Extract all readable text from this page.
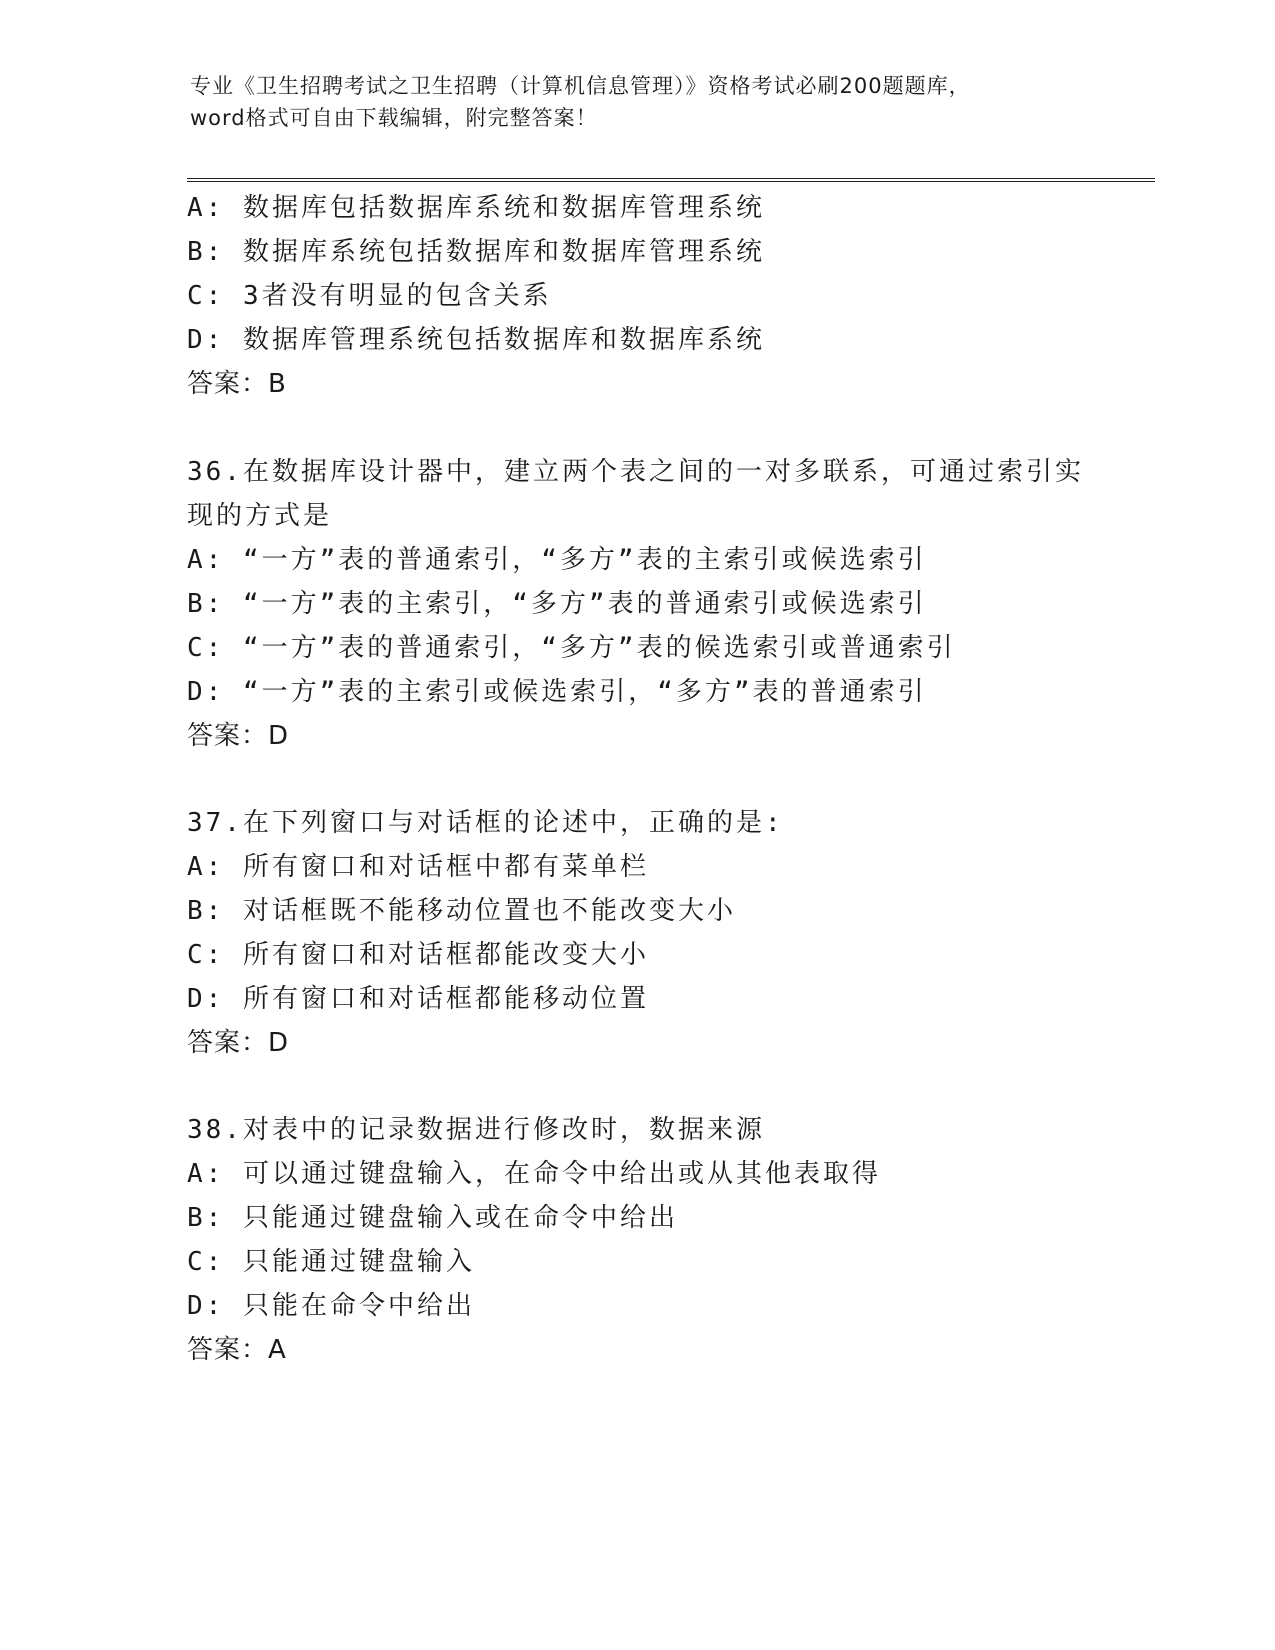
专业《卫生招聘考试之卫生招聘（计算机信息管理）》资格考试必刷200题题库，
word格式可自由下载编辑，附完整答案！
A: 数据库包括数据库系统和数据库管理系统
B: 数据库系统包括数据库和数据库管理系统
C: 3者没有明显的包含关系
D: 数据库管理系统包括数据库和数据库系统
答案：B
36.在数据库设计器中，建立两个表之间的一对多联系，可通过索引实
现的方式是
A: “一方”表的普通索引，“多方”表的主索引或候选索引
B: “一方”表的主索引，“多方”表的普通索引或候选索引
C: “一方”表的普通索引，“多方”表的候选索引或普通索引
D: “一方”表的主索引或候选索引，“多方”表的普通索引
答案：D
37.在下列窗口与对话框的论述中，正确的是:
A: 所有窗口和对话框中都有菜单栏
B: 对话框既不能移动位置也不能改变大小
C: 所有窗口和对话框都能改变大小
D: 所有窗口和对话框都能移动位置
答案：D
38.对表中的记录数据进行修改时，数据来源
A: 可以通过键盘输入，在命令中给出或从其他表取得
B: 只能通过键盘输入或在命令中给出
C: 只能通过键盘输入
D: 只能在命令中给出
答案：A
